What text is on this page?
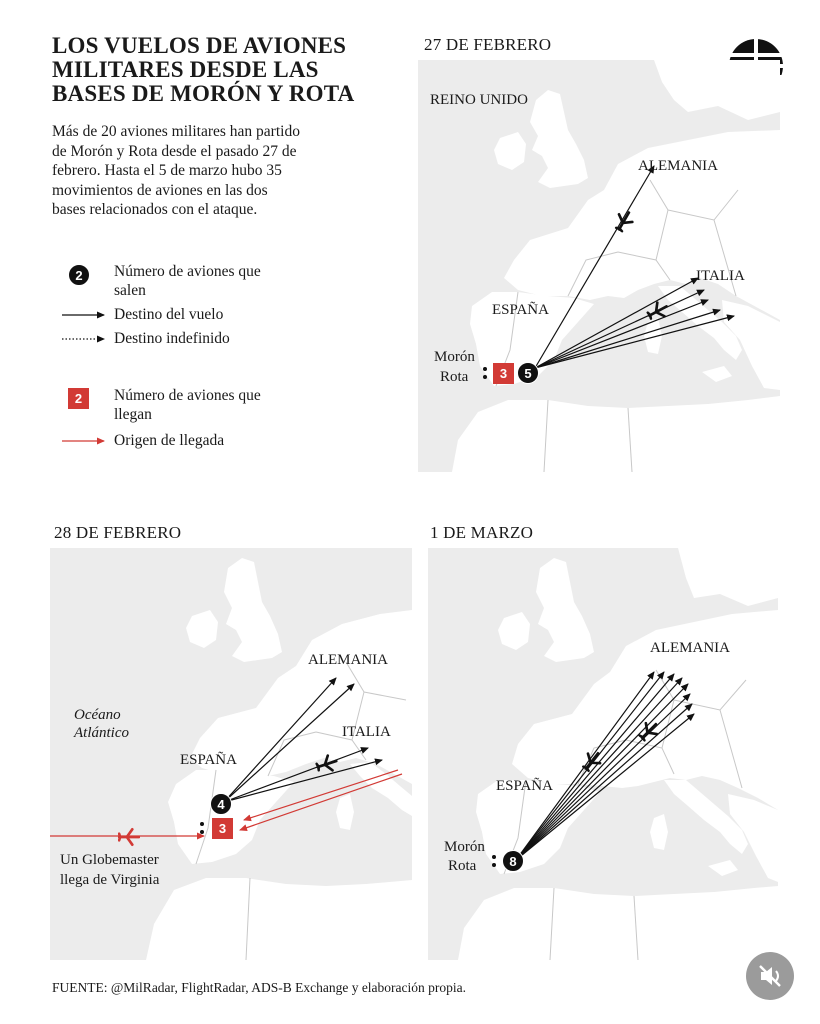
LOS VUELOS DE AVIONES MILITARES DESDE LAS BASES DE MORÓN Y ROTA

Más de 20 aviones militares han partido de Morón y Rota desde el pasado 27 de febrero. Hasta el 5 de marzo hubo 35 movimientos de aviones en las dos bases relacionados con el ataque.

2	Número de aviones que salen
Destino del vuelo
Destino indefinido
2	Número de aviones que llegan
Origen de llegada
27 DE FEBRERO
REINO UNIDO
ALEMANIA
ITALIA
ESPAÑA
Morón
Rota	3	5
28 DE FEBRERO
Océano
Atlántico
ALEMANIA
ITALIA
ESPAÑA
4
3
Un Globemaster
llega de Virginia
1 DE MARZO
ALEMANIA
ESPAÑA
Morón
Rota	8
FUENTE: @MilRadar, FlightRadar, ADS-B Exchange y elaboración propia.
